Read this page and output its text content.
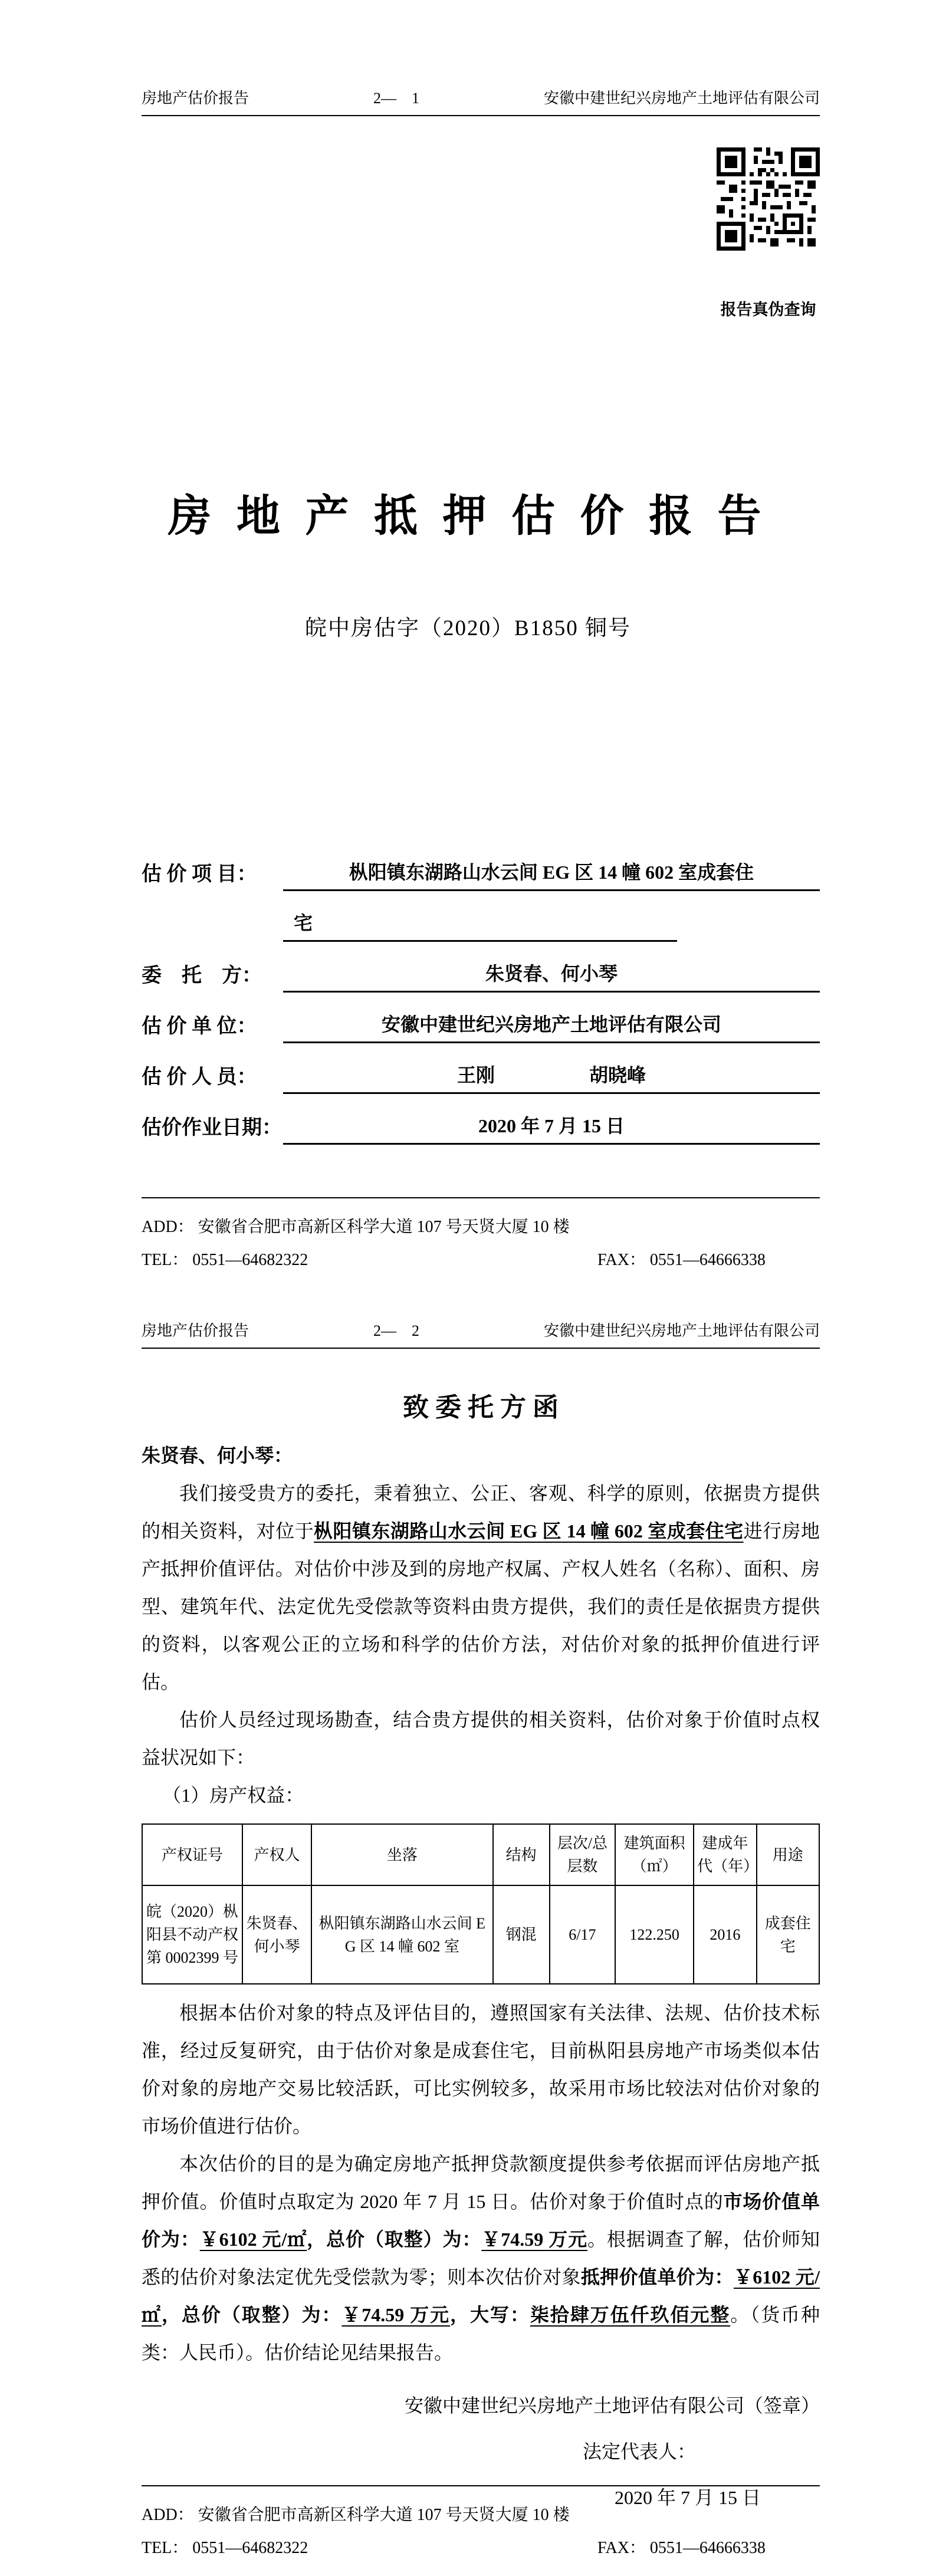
房地产估价报告	2—　1	安徽中建世纪兴房地产土地评估有限公司
报告真伪查询
房 地 产 抵 押 估 价 报 告
皖中房估字（2020）B1850 铜号
估 价 项 目：	枞阳镇东湖路山水云间 EG 区 14 幢 602 室成套住
宅
委　托　方：	朱贤春、何小琴
估 价 单 位：	安徽中建世纪兴房地产土地评估有限公司
估 价 人 员：	王刚　　　　　胡晓峰
估价作业日期：	2020 年 7 月 15 日
ADD： 安徽省合肥市高新区科学大道 107 号天贤大厦 10 楼
TEL： 0551—64682322	FAX： 0551—64666338
房地产估价报告	2—　2	安徽中建世纪兴房地产土地评估有限公司
致 委 托 方 函
朱贤春、何小琴：

我们接受贵方的委托，秉着独立、公正、客观、科学的原则，依据贵方提供的相关资料，对位于枞阳镇东湖路山水云间 EG 区 14 幢 602 室成套住宅进行房地产抵押价值评估。对估价中涉及到的房地产权属、产权人姓名（名称）、面积、房型、建筑年代、法定优先受偿款等资料由贵方提供，我们的责任是依据贵方提供的资料，以客观公正的立场和科学的估价方法，对估价对象的抵押价值进行评估。

估价人员经过现场勘查，结合贵方提供的相关资料，估价对象于价值时点权益状况如下：

（1）房产权益：

产权证号	产权人	坐落	结构	层次/总层数	建筑面积（㎡）	建成年代（年）	用途
皖（2020）枞阳县不动产权第 0002399 号	朱贤春、何小琴	枞阳镇东湖路山水云间 EG 区 14 幢 602 室	钢混	6/17	122.250	2016	成套住宅

根据本估价对象的特点及评估目的，遵照国家有关法律、法规、估价技术标准，经过反复研究，由于估价对象是成套住宅，目前枞阳县房地产市场类似本估价对象的房地产交易比较活跃，可比实例较多，故采用市场比较法对估价对象的市场价值进行估价。

本次估价的目的是为确定房地产抵押贷款额度提供参考依据而评估房地产抵押价值。价值时点取定为 2020 年 7 月 15 日。估价对象于价值时点的市场价值单价为：￥6102 元/㎡，总价（取整）为：￥74.59 万元。根据调查了解，估价师知悉的估价对象法定优先受偿款为零；则本次估价对象抵押价值单价为：￥6102 元/㎡，总价（取整）为：￥74.59 万元，大写：柒拾肆万伍仟玖佰元整。（货币种类：人民币）。估价结论见结果报告。

安徽中建世纪兴房地产土地评估有限公司（签章）
法定代表人：
2020 年 7 月 15 日
ADD： 安徽省合肥市高新区科学大道 107 号天贤大厦 10 楼
TEL： 0551—64682322	FAX： 0551—64666338
